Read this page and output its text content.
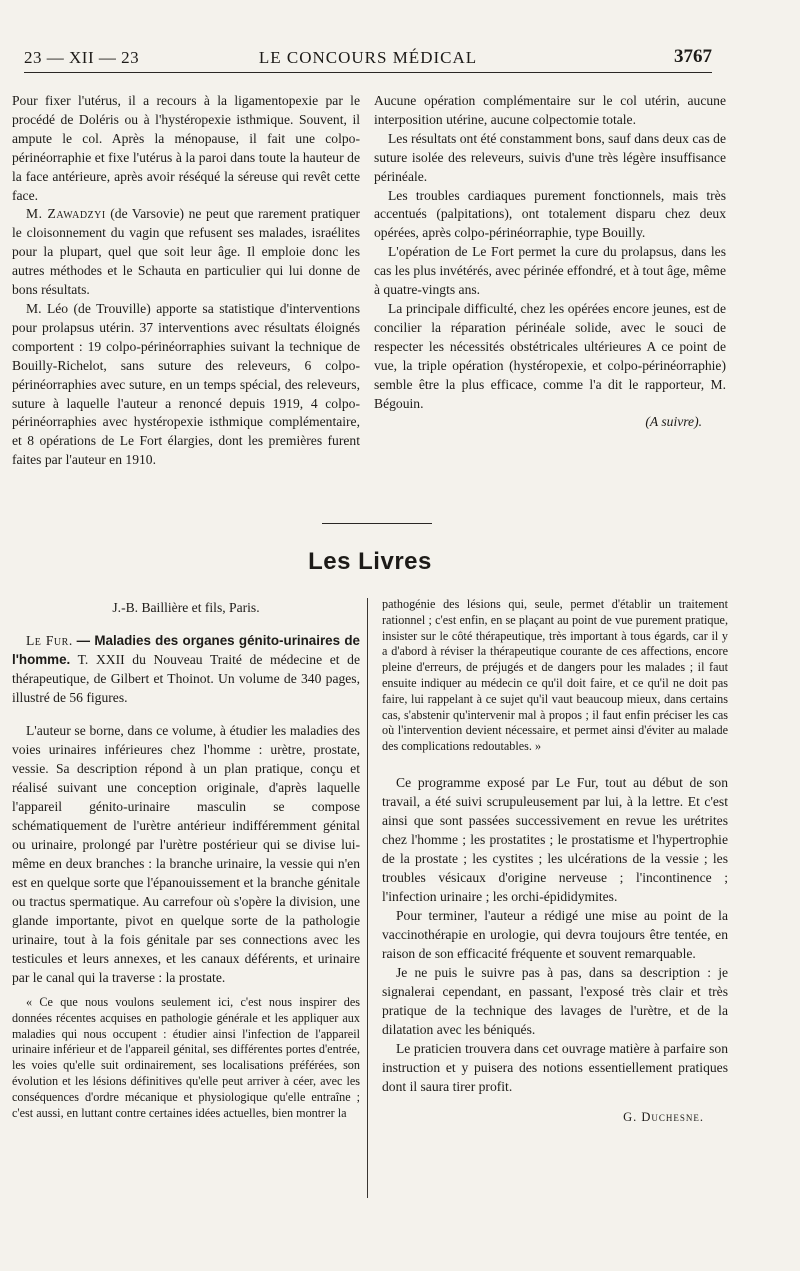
23 — XII — 23	LE CONCOURS MÉDICAL	3767

Pour fixer l'utérus, il a recours à la ligamentopexie par le procédé de Doléris ou à l'hystéropexie isthmique. Souvent, il ampute le col. Après la ménopause, il fait une colpo-périnéorraphie et fixe l'utérus à la paroi dans toute la hauteur de la face antérieure, après avoir réséqué la séreuse qui revêt cette face.

M. Zawadzyi (de Varsovie) ne peut que rarement pratiquer le cloisonnement du vagin que refusent ses malades, israélites pour la plupart, quel que soit leur âge. Il emploie donc les autres méthodes et le Schauta en particulier qui lui donne de bons résultats.

M. Léo (de Trouville) apporte sa statistique d'interventions pour prolapsus utérin. 37 interventions avec résultats éloignés comportent : 19 colpo-périnéorraphies suivant la technique de Bouilly-Richelot, sans suture des releveurs, 6 colpo-périnéorraphies avec suture, en un temps spécial, des releveurs, suture à laquelle l'auteur a renoncé depuis 1919, 4 colpo-périnéorraphies avec hystéropexie isthmique complémentaire, et 8 opérations de Le Fort élargies, dont les premières furent faites par l'auteur en 1910.

Aucune opération complémentaire sur le col utérin, aucune interposition utérine, aucune colpectomie totale.

Les résultats ont été constamment bons, sauf dans deux cas de suture isolée des releveurs, suivis d'une très légère insuffisance périnéale.

Les troubles cardiaques purement fonctionnels, mais très accentués (palpitations), ont totalement disparu chez deux opérées, après colpo-périnéorraphie, type Bouilly.

L'opération de Le Fort permet la cure du prolapsus, dans les cas les plus invétérés, avec périnée effondré, et à tout âge, même à quatre-vingts ans.

La principale difficulté, chez les opérées encore jeunes, est de concilier la réparation périnéale solide, avec le souci de respecter les nécessités obstétricales ultérieures A ce point de vue, la triple opération (hystéropexie, et colpo-périnéorraphie) semble être la plus efficace, comme l'a dit le rapporteur, M. Bégouin.

(A suivre).

Les Livres

J.-B. Baillière et fils, Paris.

Le Fur. — Maladies des organes génito-urinaires de l'homme. T. XXII du Nouveau Traité de médecine et de thérapeutique, de Gilbert et Thoinot. Un volume de 340 pages, illustré de 56 figures.

L'auteur se borne, dans ce volume, à étudier les maladies des voies urinaires inférieures chez l'homme : urètre, prostate, vessie. Sa description répond à un plan pratique, conçu et réalisé suivant une conception originale, d'après laquelle l'appareil génito-urinaire masculin se compose schématiquement de l'urètre antérieur indifféremment génital ou urinaire, prolongé par l'urètre postérieur qui se divise lui-même en deux branches : la branche urinaire, la vessie qui n'en est en quelque sorte que l'épanouissement et la branche génitale ou tractus spermatique. Au carrefour où s'opère la division, une glande importante, pivot en quelque sorte de la pathologie urinaire, tout à la fois génitale par ses connections avec les testicules et leurs annexes, et les canaux déférents, et urinaire par le canal qui la traverse : la prostate.

« Ce que nous voulons seulement ici, c'est nous inspirer des données récentes acquises en pathologie générale et les appliquer aux maladies qui nous occupent : étudier ainsi l'infection de l'appareil urinaire inférieur et de l'appareil génital, ses différentes portes d'entrée, les voies qu'elle suit ordinairement, ses localisations préférées, son évolution et les lésions définitives qu'elle peut arriver à céer, avec les conséquences d'ordre mécanique et physiologique qu'elle entraîne ; c'est aussi, en luttant contre certaines idées actuelles, bien montrer la

pathogénie des lésions qui, seule, permet d'établir un traitement rationnel ; c'est enfin, en se plaçant au point de vue purement pratique, insister sur le côté thérapeutique, très important à tous égards, car il y a d'abord à réviser la thérapeutique courante de ces affections, encore pleine d'erreurs, de préjugés et de dangers pour les malades ; il faut ensuite indiquer au médecin ce qu'il doit faire, et ce qu'il ne doit pas faire, lui rappelant à ce sujet qu'il vaut beaucoup mieux, dans certains cas, s'abstenir qu'intervenir mal à propos ; il faut enfin préciser les cas où l'intervention devient nécessaire, et permet ainsi d'éviter au malade des complications redoutables. »

Ce programme exposé par Le Fur, tout au début de son travail, a été suivi scrupuleusement par lui, à la lettre. Et c'est ainsi que sont passées successivement en revue les urétrites chez l'homme ; les prostatites ; le prostatisme et l'hypertrophie de la prostate ; les cystites ; les ulcérations de la vessie ; les troubles vésicaux d'origine nerveuse ; l'incontinence ; l'infection urinaire ; les orchi-épididymites.

Pour terminer, l'auteur a rédigé une mise au point de la vaccinothérapie en urologie, qui devra toujours être tentée, en raison de son efficacité fréquente et souvent remarquable.

Je ne puis le suivre pas à pas, dans sa description : je signalerai cependant, en passant, l'exposé très clair et très pratique de la technique des lavages de l'urètre, et de la dilatation avec les béniqués.

Le praticien trouvera dans cet ouvrage matière à parfaire son instruction et y puisera des notions essentiellement pratiques dont il saura tirer profit.

G. Duchesne.
